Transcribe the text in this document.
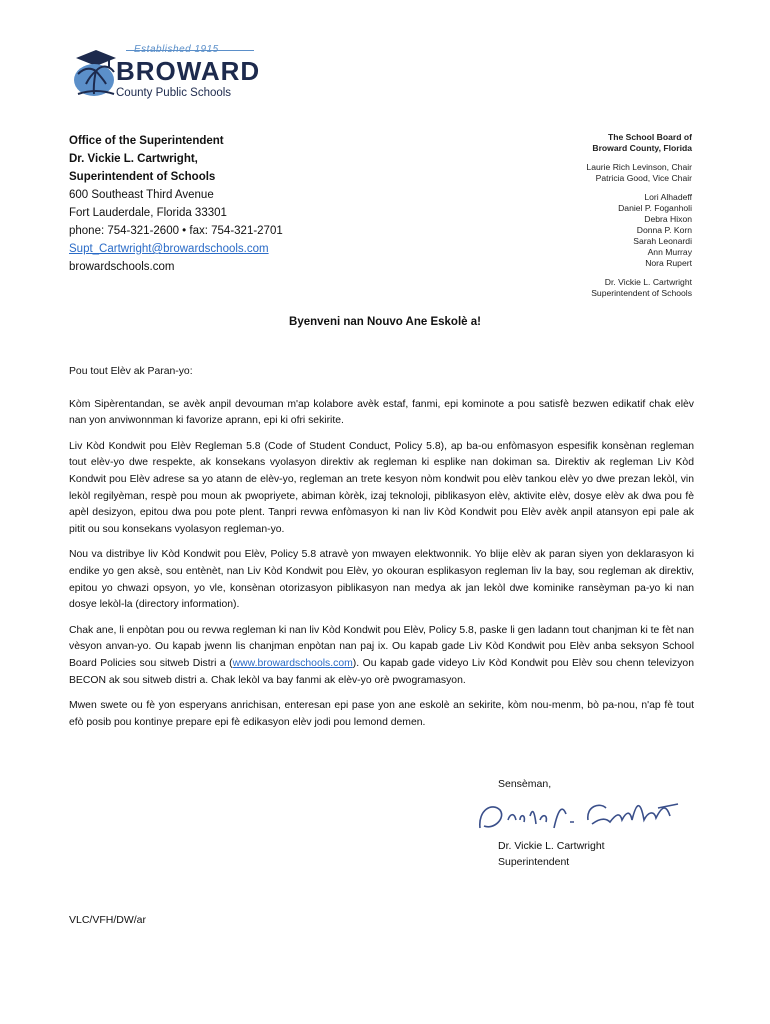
Established 1915
BROWARD
County Public Schools
Office of the Superintendent
Dr. Vickie L. Cartwright,
Superintendent of Schools
600 Southeast Third Avenue
Fort Lauderdale, Florida 33301
phone: 754-321-2600 • fax: 754-321-2701
Supt_Cartwright@browardschools.com
browardschools.com
The School Board of
Broward County, Florida
Laurie Rich Levinson, Chair
Patricia Good, Vice Chair
Lori Alhadeff
Daniel P. Foganholi
Debra Hixon
Donna P. Korn
Sarah Leonardi
Ann Murray
Nora Rupert
Dr. Vickie L. Cartwright
Superintendent of Schools
Byenveni nan Nouvo Ane Eskolè a!

Pou tout Elèv ak Paran-yo:

Kòm Sipèrentandan, se avèk anpil devouman m'ap kolabore avèk estaf, fanmi, epi kominote a pou satisfè bezwen edikatif chak elèv nan yon anviwonnman ki favorize aprann, epi ki ofri sekirite.

Liv Kòd Kondwit pou Elèv Regleman 5.8 (Code of Student Conduct, Policy 5.8), ap ba-ou enfòmasyon espesifik konsènan regleman tout elèv-yo dwe respekte, ak konsekans vyolasyon direktiv ak regleman ki esplike nan dokiman sa. Direktiv ak regleman Liv Kòd Kondwit pou Elèv adrese sa yo atann de elèv-yo, regleman an trete kesyon nòm kondwit pou elèv tankou elèv yo dwe prezan lekòl, vin lekòl regilyèman, respè pou moun ak pwopriyete, abiman kòrèk, izaj teknoloji, piblikasyon elèv, aktivite elèv, dosye elèv ak dwa pou fè apèl desizyon, epitou dwa pou pote plent. Tanpri revwa enfòmasyon ki nan liv Kòd Kondwit pou Elèv avèk anpil atansyon epi pale ak pitit ou sou konsekans vyolasyon regleman-yo.

Nou va distribye liv Kòd Kondwit pou Elèv, Policy 5.8 atravè yon mwayen elektwonnik. Yo blije elèv ak paran siyen yon deklarasyon ki endike yo gen aksè, sou entènèt, nan Liv Kòd Kondwit pou Elèv, yo okouran esplikasyon regleman liv la bay, sou regleman ak direktiv, epitou yo chwazi opsyon, yo vle, konsènan otorizasyon piblikasyon nan medya ak jan lekòl dwe kominike ransèyman pa-yo ki nan dosye lekòl-la (directory information).

Chak ane, li enpòtan pou ou revwa regleman ki nan liv Kòd Kondwit pou Elèv, Policy 5.8, paske li gen ladann tout chanjman ki te fèt nan vèsyon anvan-yo. Ou kapab jwenn lis chanjman enpòtan nan paj ix. Ou kapab gade Liv Kòd Kondwit pou Elèv anba seksyon School Board Policies sou sitweb Distri a (www.browardschools.com). Ou kapab gade videyo Liv Kòd Kondwit pou Elèv sou chenn televizyon BECON ak sou sitweb distri a. Chak lekòl va bay fanmi ak elèv-yo orè pwogramasyon.

Mwen swete ou fè yon esperyans anrichisan, enteresan epi pase yon ane eskolè an sekirite, kòm nou-menm, bò pa-nou, n'ap fè tout efò posib pou kontinye prepare epi fè edikasyon elèv jodi pou lemond demen.

Sensèman,
Dr. Vickie L. Cartwright
Superintendent
VLC/VFH/DW/ar
